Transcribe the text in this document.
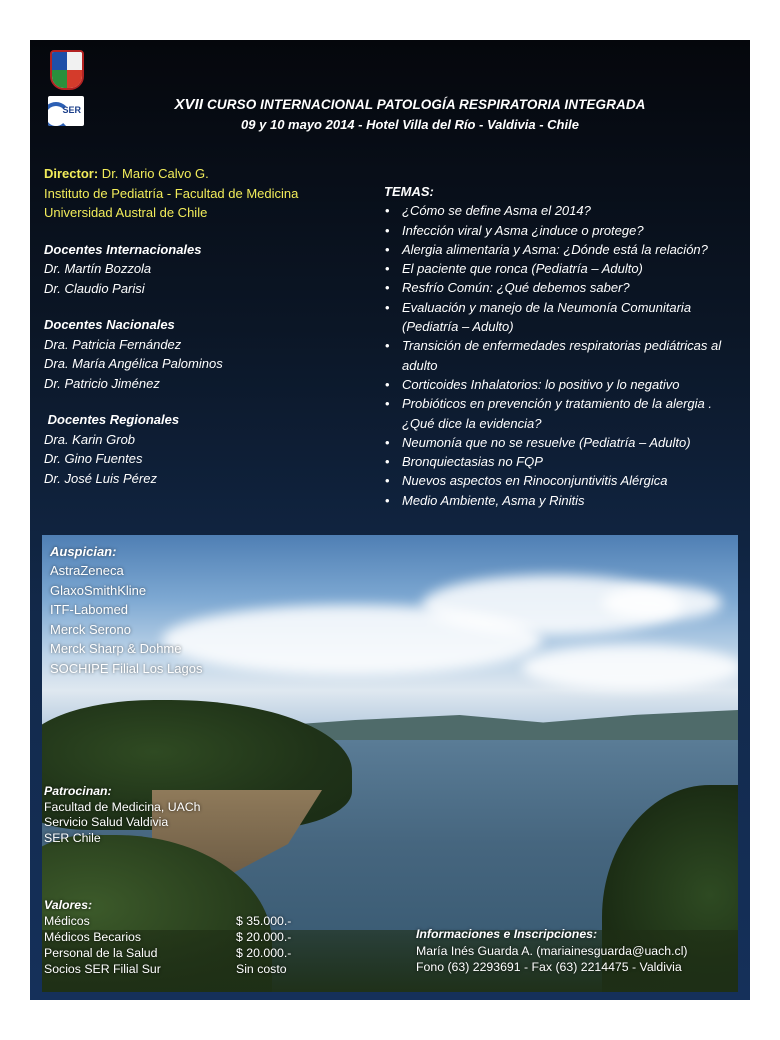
SER	XVII CURSO INTERNACIONAL PATOLOGÍA RESPIRATORIA INTEGRADA
09 y 10 mayo 2014 - Hotel Villa del Río - Valdivia - Chile
Director: Dr. Mario Calvo G.
Instituto de Pediatría - Facultad de Medicina
Universidad Austral de Chile
Docentes Internacionales
Dr. Martín Bozzola
Dr. Claudio Parisi
Docentes Nacionales
Dra. Patricia Fernández
Dra. María Angélica Palominos
Dr. Patricio Jiménez
Docentes Regionales
Dra. Karin Grob
Dr. Gino Fuentes
Dr. José Luis Pérez
TEMAS:
• ¿Cómo se define Asma el 2014?
• Infección viral y Asma ¿induce o protege?
• Alergia alimentaria y Asma: ¿Dónde está la relación?
• El paciente que ronca (Pediatría – Adulto)
• Resfrío Común: ¿Qué debemos saber?
• Evaluación y manejo de la Neumonía Comunitaria (Pediatría – Adulto)
• Transición de enfermedades respiratorias pediátricas al adulto
• Corticoides Inhalatorios: lo positivo y lo negativo
• Probióticos en prevención y tratamiento de la alergia . ¿Qué dice la evidencia?
• Neumonía que no se resuelve (Pediatría – Adulto)
• Bronquiectasias no FQP
• Nuevos aspectos en Rinoconjuntivitis Alérgica
• Medio Ambiente, Asma y Rinitis
Auspician:
AstraZeneca
GlaxoSmithKline
ITF-Labomed
Merck Serono
Merck Sharp & Dohme
SOCHIPE Filial Los Lagos
Patrocinan:
Facultad de Medicina, UACh
Servicio Salud Valdivia
SER Chile
Valores:
Médicos	$ 35.000.-
Médicos Becarios	$ 20.000.-
Personal de la Salud	$ 20.000.-
Socios SER Filial Sur	Sin costo
Informaciones e Inscripciones:
María Inés Guarda A. (mariainesguarda@uach.cl)
Fono (63) 2293691 - Fax (63) 2214475 - Valdivia
